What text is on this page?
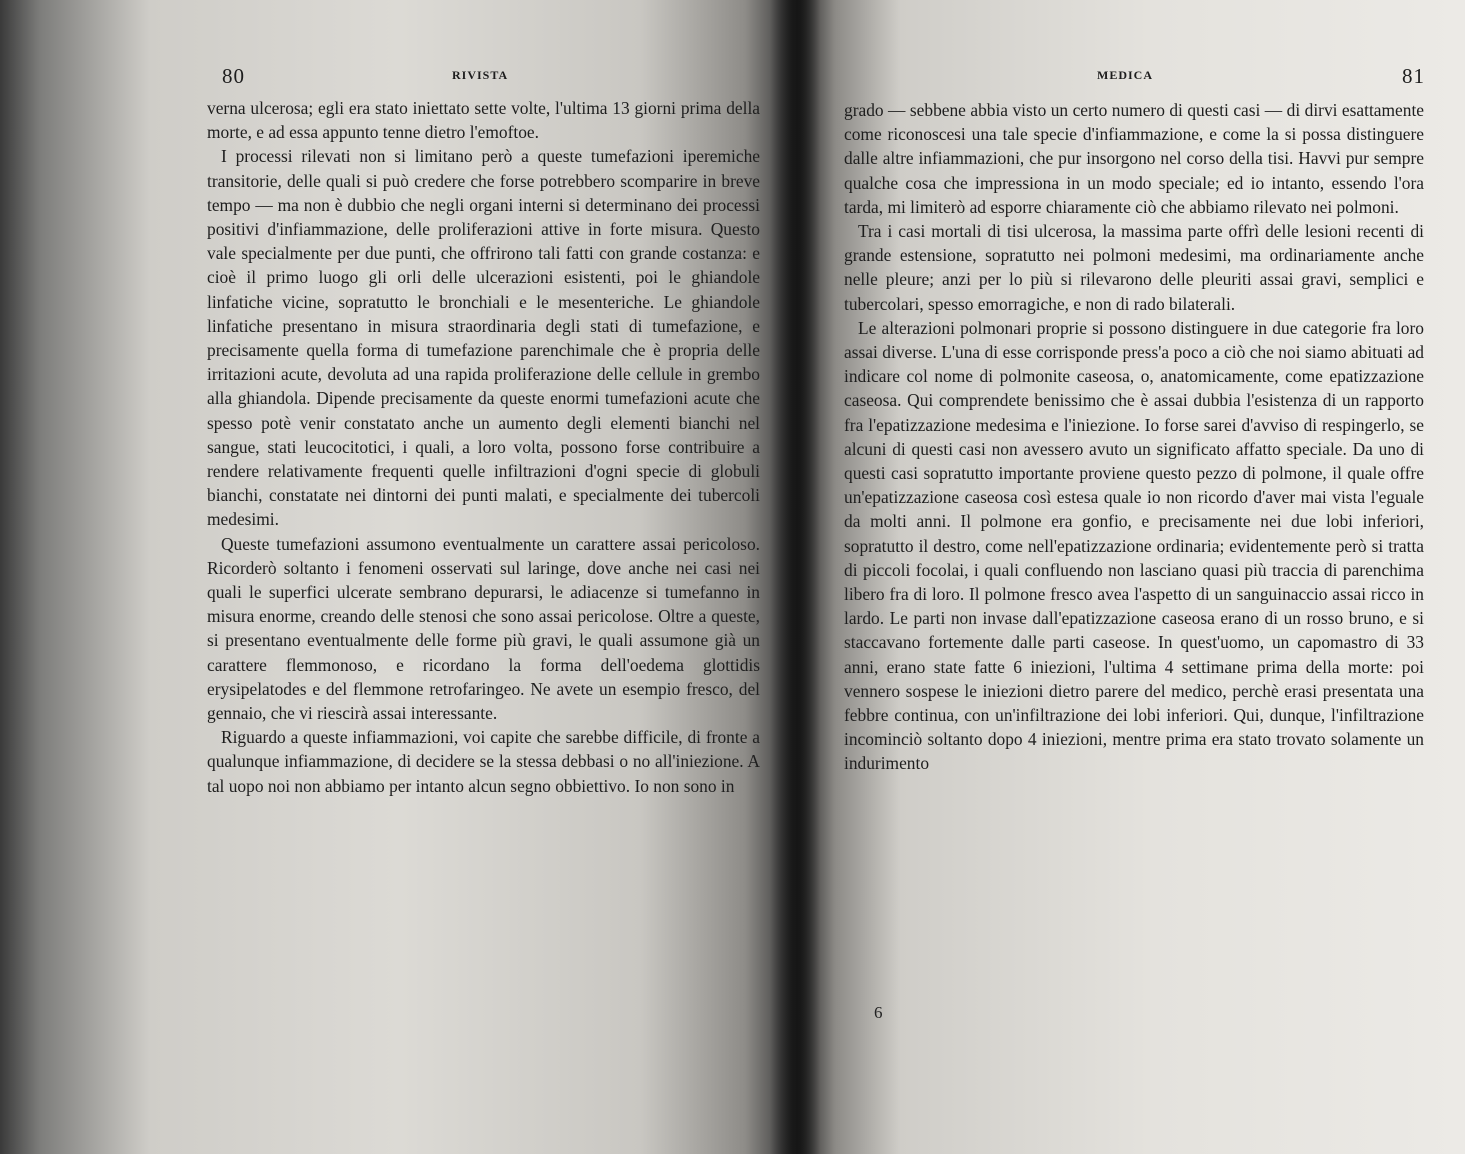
80	RIVISTA

verna ulcerosa; egli era stato iniettato sette volte, l'ultima 13 giorni prima della morte, e ad essa appunto tenne dietro l'emoftoe.

I processi rilevati non si limitano però a queste tumefazioni iperemiche transitorie, delle quali si può credere che forse potrebbero scomparire in breve tempo — ma non è dubbio che negli organi interni si determinano dei processi positivi d'infiammazione, delle proliferazioni attive in forte misura. Questo vale specialmente per due punti, che offrirono tali fatti con grande costanza: e cioè il primo luogo gli orli delle ulcerazioni esistenti, poi le ghiandole linfatiche vicine, sopratutto le bronchiali e le mesenteriche. Le ghiandole linfatiche presentano in misura straordinaria degli stati di tumefazione, e precisamente quella forma di tumefazione parenchimale che è propria delle irritazioni acute, devoluta ad una rapida proliferazione delle cellule in grembo alla ghiandola. Dipende precisamente da queste enormi tumefazioni acute che spesso potè venir constatato anche un aumento degli elementi bianchi nel sangue, stati leucocitotici, i quali, a loro volta, possono forse contribuire a rendere relativamente frequenti quelle infiltrazioni d'ogni specie di globuli bianchi, constatate nei dintorni dei punti malati, e specialmente dei tubercoli medesimi.

Queste tumefazioni assumono eventualmente un carattere assai pericoloso. Ricorderò soltanto i fenomeni osservati sul laringe, dove anche nei casi nei quali le superfici ulcerate sembrano depurarsi, le adiacenze si tumefanno in misura enorme, creando delle stenosi che sono assai pericolose. Oltre a queste, si presentano eventualmente delle forme più gravi, le quali assumone già un carattere flemmonoso, e ricordano la forma dell'oedema glottidis erysipelatodes e del flemmone retrofaringeo. Ne avete un esempio fresco, del gennaio, che vi riescirà assai interessante.

Riguardo a queste infiammazioni, voi capite che sarebbe difficile, di fronte a qualunque infiammazione, di decidere se la stessa debbasi o no all'iniezione. A tal uopo noi non abbiamo per intanto alcun segno obbiettivo. Io non sono in

MEDICA	81

grado — sebbene abbia visto un certo numero di questi casi — di dirvi esattamente come riconoscesi una tale specie d'infiammazione, e come la si possa distinguere dalle altre infiammazioni, che pur insorgono nel corso della tisi. Havvi pur sempre qualche cosa che impressiona in un modo speciale; ed io intanto, essendo l'ora tarda, mi limiterò ad esporre chiaramente ciò che abbiamo rilevato nei polmoni.

Tra i casi mortali di tisi ulcerosa, la massima parte offrì delle lesioni recenti di grande estensione, sopratutto nei polmoni medesimi, ma ordinariamente anche nelle pleure; anzi per lo più si rilevarono delle pleuriti assai gravi, semplici e tubercolari, spesso emorragiche, e non di rado bilaterali.

Le alterazioni polmonari proprie si possono distinguere in due categorie fra loro assai diverse. L'una di esse corrisponde press'a poco a ciò che noi siamo abituati ad indicare col nome di polmonite caseosa, o, anatomicamente, come epatizzazione caseosa. Qui comprendete benissimo che è assai dubbia l'esistenza di un rapporto fra l'epatizzazione medesima e l'iniezione. Io forse sarei d'avviso di respingerlo, se alcuni di questi casi non avessero avuto un significato affatto speciale. Da uno di questi casi sopratutto importante proviene questo pezzo di polmone, il quale offre un'epatizzazione caseosa così estesa quale io non ricordo d'aver mai vista l'eguale da molti anni. Il polmone era gonfio, e precisamente nei due lobi inferiori, sopratutto il destro, come nell'epatizzazione ordinaria; evidentemente però si tratta di piccoli focolai, i quali confluendo non lasciano quasi più traccia di parenchima libero fra di loro. Il polmone fresco avea l'aspetto di un sanguinaccio assai ricco in lardo. Le parti non invase dall'epatizzazione caseosa erano di un rosso bruno, e si staccavano fortemente dalle parti caseose. In quest'uomo, un capomastro di 33 anni, erano state fatte 6 iniezioni, l'ultima 4 settimane prima della morte: poi vennero sospese le iniezioni dietro parere del medico, perchè erasi presentata una febbre continua, con un'infiltrazione dei lobi inferiori. Qui, dunque, l'infiltrazione incominciò soltanto dopo 4 iniezioni, mentre prima era stato trovato solamente un indurimento

6
